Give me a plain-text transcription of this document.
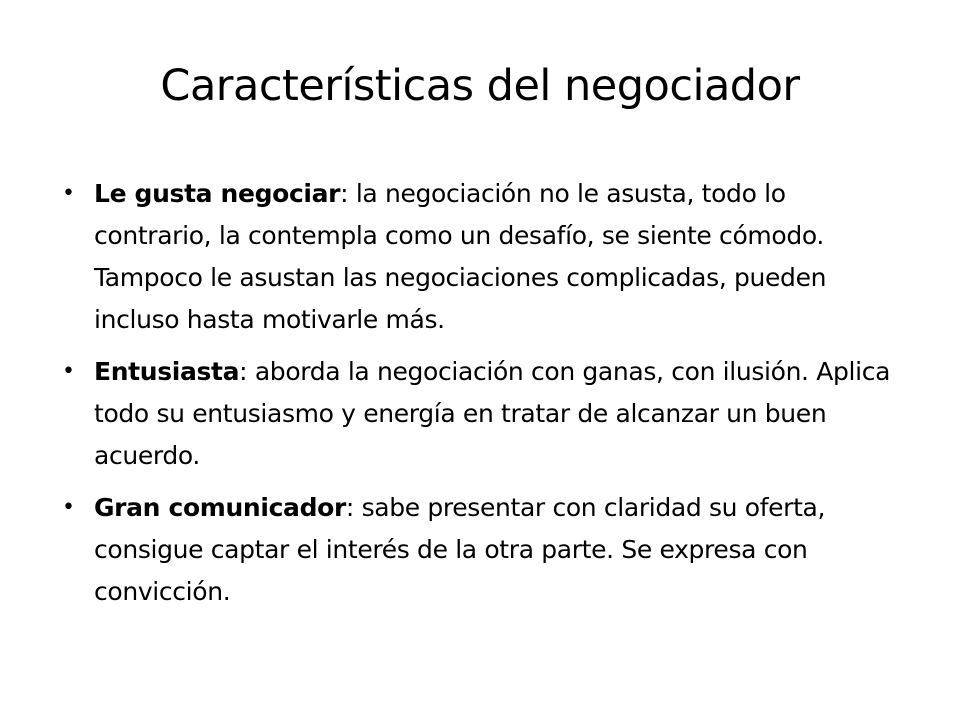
Características del negociador
• Le gusta negociar: la negociación no le asusta, todo lo contrario, la contempla como un desafío, se siente cómodo. Tampoco le asustan las negociaciones complicadas, pueden incluso hasta motivarle más.
• Entusiasta: aborda la negociación con ganas, con ilusión. Aplica todo su entusiasmo y energía en tratar de alcanzar un buen acuerdo.
• Gran comunicador: sabe presentar con claridad su oferta, consigue captar el interés de la otra parte. Se expresa con convicción.
